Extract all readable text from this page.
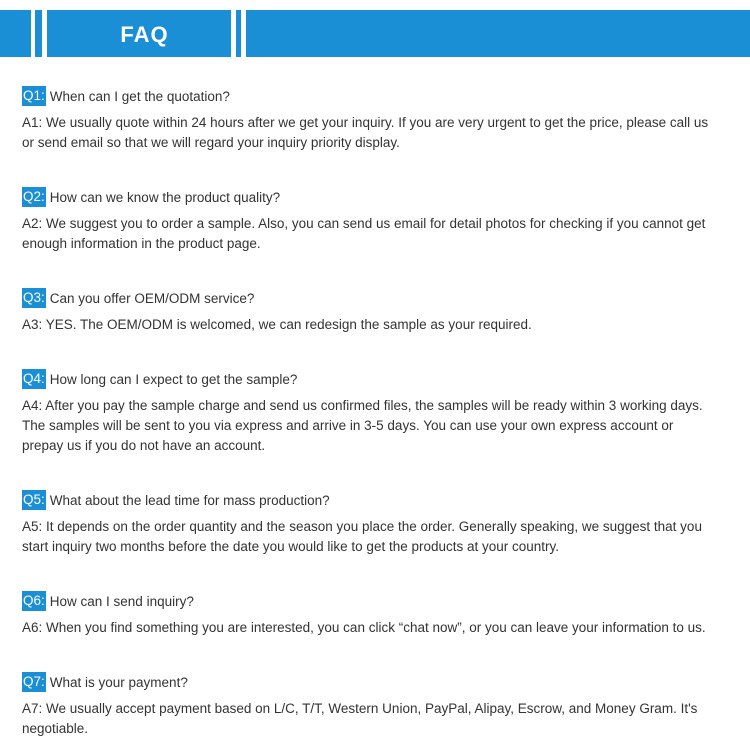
FAQ
Q1: When can I get the quotation?
A1: We usually quote within 24 hours after we get your inquiry. If you are very urgent to get the price, please call us
or send email so that we will regard your inquiry priority display.
Q2: How can we know the product quality?
A2: We suggest you to order a sample. Also, you can send us email for detail photos for checking if you cannot get
enough information in the product page.
Q3: Can you offer OEM/ODM service?
A3: YES. The OEM/ODM is welcomed, we can redesign the sample as your required.
Q4: How long can I expect to get the sample?
A4: After you pay the sample charge and send us confirmed files, the samples will be ready within 3 working days.
The samples will be sent to you via express and arrive in 3-5 days. You can use your own express account or
prepay us if you do not have an account.
Q5: What about the lead time for mass production?
A5: It depends on the order quantity and the season you place the order. Generally speaking, we suggest that you
start inquiry two months before the date you would like to get the products at your country.
Q6: How can I send inquiry?
A6: When you find something you are interested, you can click “chat now”, or you can leave your information to us.
Q7: What is your payment?
A7: We usually accept payment based on L/C, T/T, Western Union, PayPal, Alipay, Escrow, and Money Gram. It's
negotiable.
